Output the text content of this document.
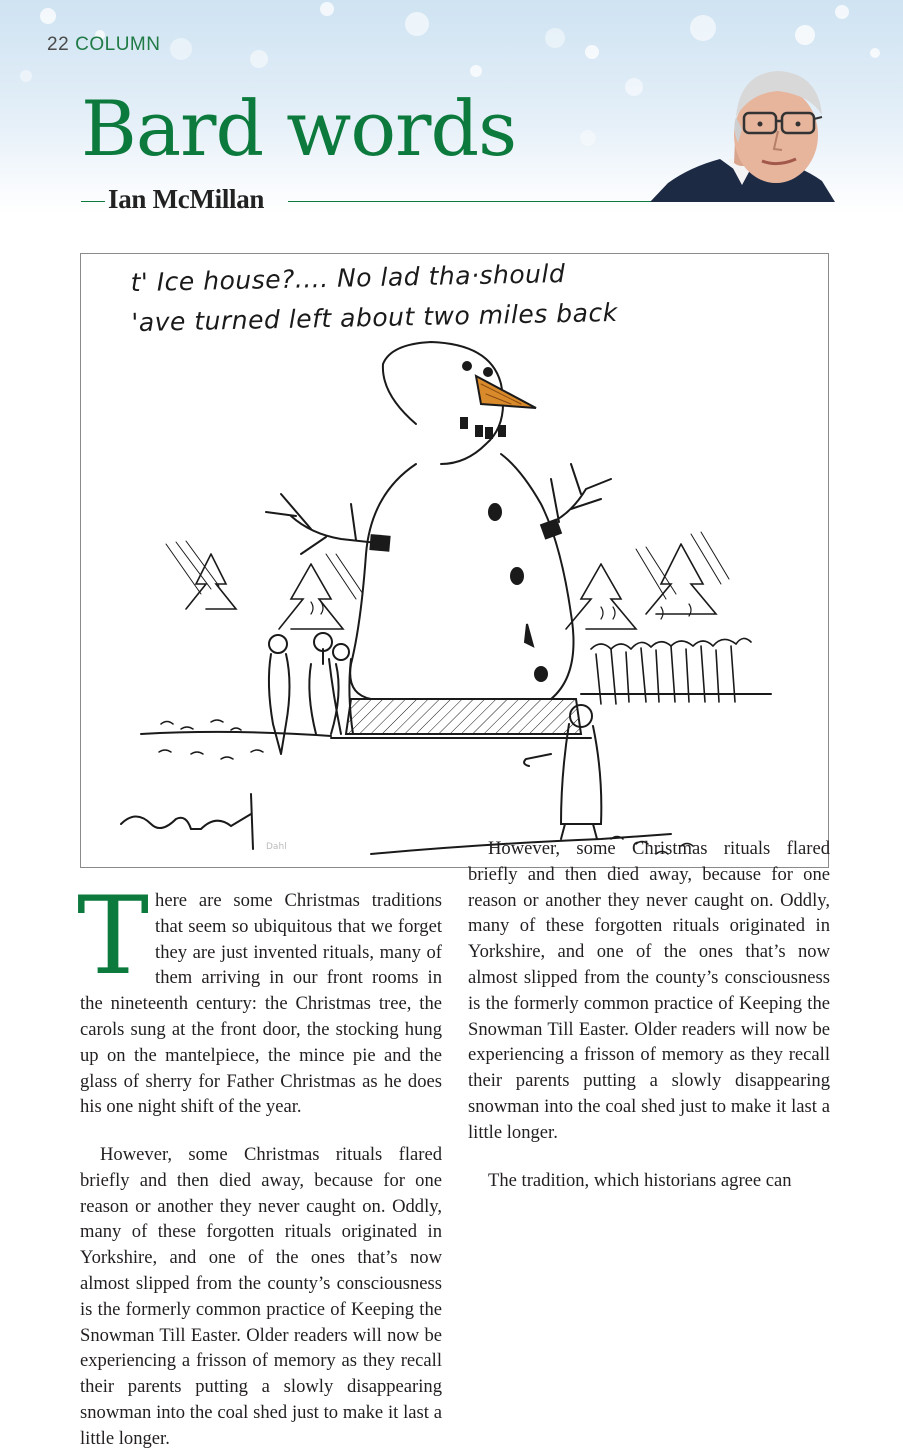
22 COLUMN
Bard words
Ian McMillan

t' Ice house?.... No lad tha·should
'ave turned left about two miles back

Dahl

There are some Christmas traditions that seem so ubiquitous that we forget they are just invented rituals, many of them arriving in our front rooms in the nineteenth century: the Christmas tree, the carols sung at the front door, the stocking hung up on the mantelpiece, the mince pie and the glass of sherry for Father Christmas as he does his one night shift of the year.

However, some Christmas rituals flared briefly and then died away, because for one reason or another they never caught on. Oddly, many of these forgotten rituals originated in Yorkshire, and one of the ones that’s now almost slipped from the county’s consciousness is the formerly common practice of Keeping the Snowman Till Easter. Older readers will now be experiencing a frisson of memory as they recall their parents putting a slowly disappearing snowman into the coal shed just to make it last a little longer.

However, some Christmas rituals flared briefly and then died away, because for one reason or another they never caught on. Oddly, many of these forgotten rituals originated in Yorkshire, and one of the ones that’s now almost slipped from the county’s consciousness is the formerly common practice of Keeping the Snowman Till Easter. Older readers will now be experiencing a frisson of memory as they recall their parents putting a slowly disappearing snowman into the coal shed just to make it last a little longer.

The tradition, which historians agree can
